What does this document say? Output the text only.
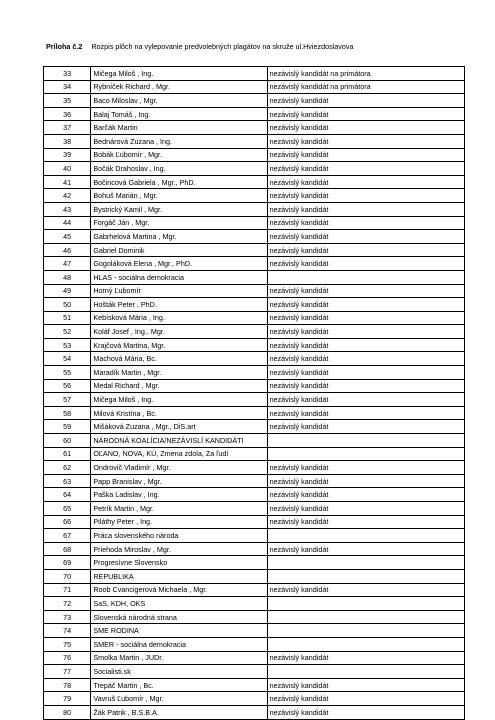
Príloha č.2 Rozpis plôch na vylepovanie predvolebných plagátov na skruže ul.Hviezdoslavova
33	Mičega Miloš , Ing.	nezávislý kandidát na primátora
34	Rybníček Richard , Mgr.	nezávislý kandidát na primátora
35	Baco Miloslav , Mgr.	nezávislý kandidát
36	Balaj Tomáš , Ing.	nezávislý kandidát
37	Barčák Martin	nezávislý kandidát
38	Bednárová Zuzana , Ing.	nezávislý kandidát
39	Bobák Ľubomír , Mgr.	nezávislý kandidát
40	Bočák Drahoslav , Ing.	nezávislý kandidát
41	Bočincová Gabriela , Mgr., PhD.	nezávislý kandidát
42	Bohuš Marián , Mgr.	nezávislý kandidát
43	Bystrický Kamil , Mgr.	nezávislý kandidát
44	Forgáč Ján , Mgr.	nezávislý kandidát
45	Gabrhelová Martina , Mgr.	nezávislý kandidát
46	Gabriel Dominik	nezávislý kandidát
47	Gogoláková Elena , Mgr., PhD.	nezávislý kandidát
48	HLAS - sociálna demokracia	
49	Horný Ľubomír	nezávislý kandidát
50	Hošták Peter , PhD.	nezávislý kandidát
51	Kebísková Mária , Ing.	nezávislý kandidát
52	Koláf Josef , Ing., Mgr.	nezávislý kandidát
53	Krajčová Martina, Mgr.	nezávislý kandidát
54	Machová Mária, Bc.	nezávislý kandidát
55	Maradík Martin , Mgr.	nezávislý kandidát
56	Medal Richard , Mgr.	nezávislý kandidát
57	Mičega Miloš , Ing.	nezávislý kandidát
58	Milová Kristína , Bc.	nezávislý kandidát
59	Mišáková Zuzana , Mgr., DiS.art	nezávislý kandidát
60	NÁRODNÁ KOALÍCIA/NEZÁVISLÍ KANDIDÁTI	
61	OĽANO, NOVA, KÚ, Zmena zdola, Za ľudí	
62	Ondrovič Vladimír , Mgr.	nezávislý kandidát
63	Papp Branislav , Mgr.	nezávislý kandidát
64	Paška Ladislav , Ing.	nezávislý kandidát
65	Petrík Martin , Mgr.	nezávislý kandidát
66	Piláthy Peter , Ing.	nezávislý kandidát
67	Práca slovenského národa	
68	Priehoda Miroslav , Mgr.	nezávislý kandidát
69	Progresívne Slovensko	
70	REPUBLIKA	
71	Roob Cvancigerová Michaela , Mgr.	nezávislý kandidát
72	SaS, KDH, OKS	
73	Slovenská národná strana	
74	SME RODINA	
75	SMER - sociálna demokracia	
76	Smolka Martin , JUDr.	nezávislý kandidát
77	Socialisti.sk	
78	Trepáč Martin , Bc.	nezávislý kandidát
79	Vavruš Ľubomír , Mgr.	nezávislý kandidát
80	Žák Patrik , B.S.B.A.	nezávislý kandidát
